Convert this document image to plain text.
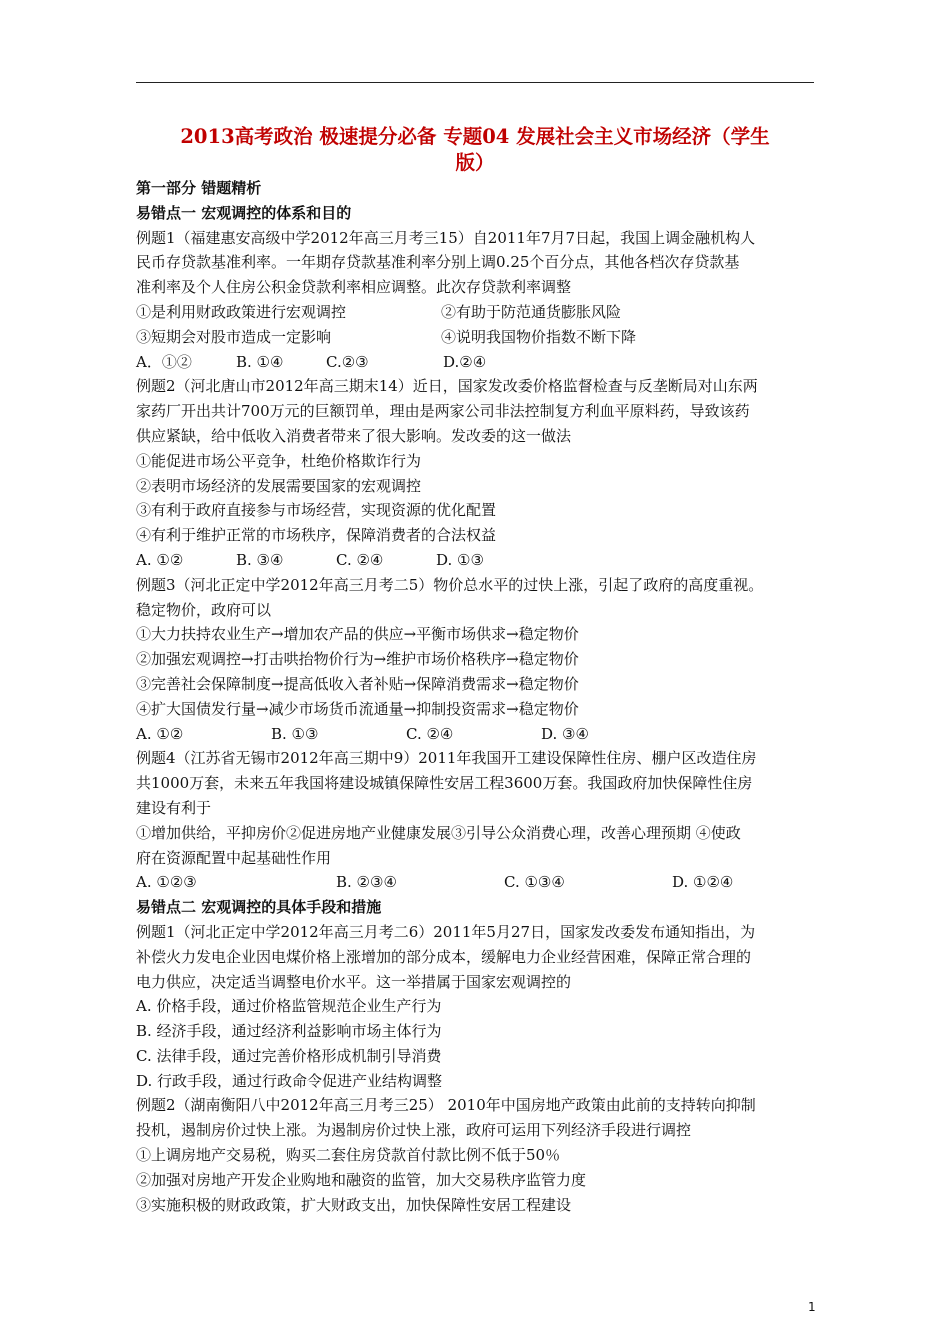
2013高考政治 极速提分必备 专题04 发展社会主义市场经济（学生
版）
第一部分 错题精析
易错点一 宏观调控的体系和目的
例题1（福建惠安高级中学2012年高三月考三15）自2011年7月7日起，我国上调金融机构人
民币存贷款基准利率。一年期存贷款基准利率分别上调0.25个百分点，其他各档次存贷款基
准利率及个人住房公积金贷款利率相应调整。此次存贷款利率调整
①是利用财政政策进行宏观调控	②有助于防范通货膨胀风险
③短期会对股市造成一定影响	④说明我国物价指数不断下降
A．①②	B. ①④	C.②③	D.②④
例题2（河北唐山市2012年高三期末14）近日，国家发改委价格监督检查与反垄断局对山东两
家药厂开出共计700万元的巨额罚单，理由是两家公司非法控制复方利血平原料药，导致该药
供应紧缺，给中低收入消费者带来了很大影响。发改委的这一做法
①能促进市场公平竞争，杜绝价格欺诈行为
②表明市场经济的发展需要国家的宏观调控
③有利于政府直接参与市场经营，实现资源的优化配置
④有利于维护正常的市场秩序，保障消费者的合法权益
A. ①②	B. ③④	C. ②④	D. ①③
例题3（河北正定中学2012年高三月考二5）物价总水平的过快上涨，引起了政府的高度重视。
稳定物价，政府可以
①大力扶持农业生产→增加农产品的供应→平衡市场供求→稳定物价
②加强宏观调控→打击哄抬物价行为→维护市场价格秩序→稳定物价
③完善社会保障制度→提高低收入者补贴→保障消费需求→稳定物价
④扩大国债发行量→减少市场货币流通量→抑制投资需求→稳定物价
A. ①②	B. ①③	C. ②④	D. ③④
例题4（江苏省无锡市2012年高三期中9）2011年我国开工建设保障性住房、棚户区改造住房
共1000万套，未来五年我国将建设城镇保障性安居工程3600万套。我国政府加快保障性住房
建设有利于
①增加供给，平抑房价②促进房地产业健康发展③引导公众消费心理，改善心理预期 ④使政
府在资源配置中起基础性作用
A. ①②③	B. ②③④	C. ①③④	D. ①②④
易错点二 宏观调控的具体手段和措施
例题1（河北正定中学2012年高三月考二6）2011年5月27日，国家发改委发布通知指出，为
补偿火力发电企业因电煤价格上涨增加的部分成本，缓解电力企业经营困难，保障正常合理的
电力供应，决定适当调整电价水平。这一举措属于国家宏观调控的
A. 价格手段，通过价格监管规范企业生产行为
B. 经济手段，通过经济利益影响市场主体行为
C. 法律手段，通过完善价格形成机制引导消费
D. 行政手段，通过行政命令促进产业结构调整
例题2（湖南衡阳八中2012年高三月考三25） 2010年中国房地产政策由此前的支持转向抑制
投机，遏制房价过快上涨。为遏制房价过快上涨，政府可运用下列经济手段进行调控
①上调房地产交易税，购买二套住房贷款首付款比例不低于50％
②加强对房地产开发企业购地和融资的监管，加大交易秩序监管力度
③实施积极的财政政策，扩大财政支出，加快保障性安居工程建设
1
